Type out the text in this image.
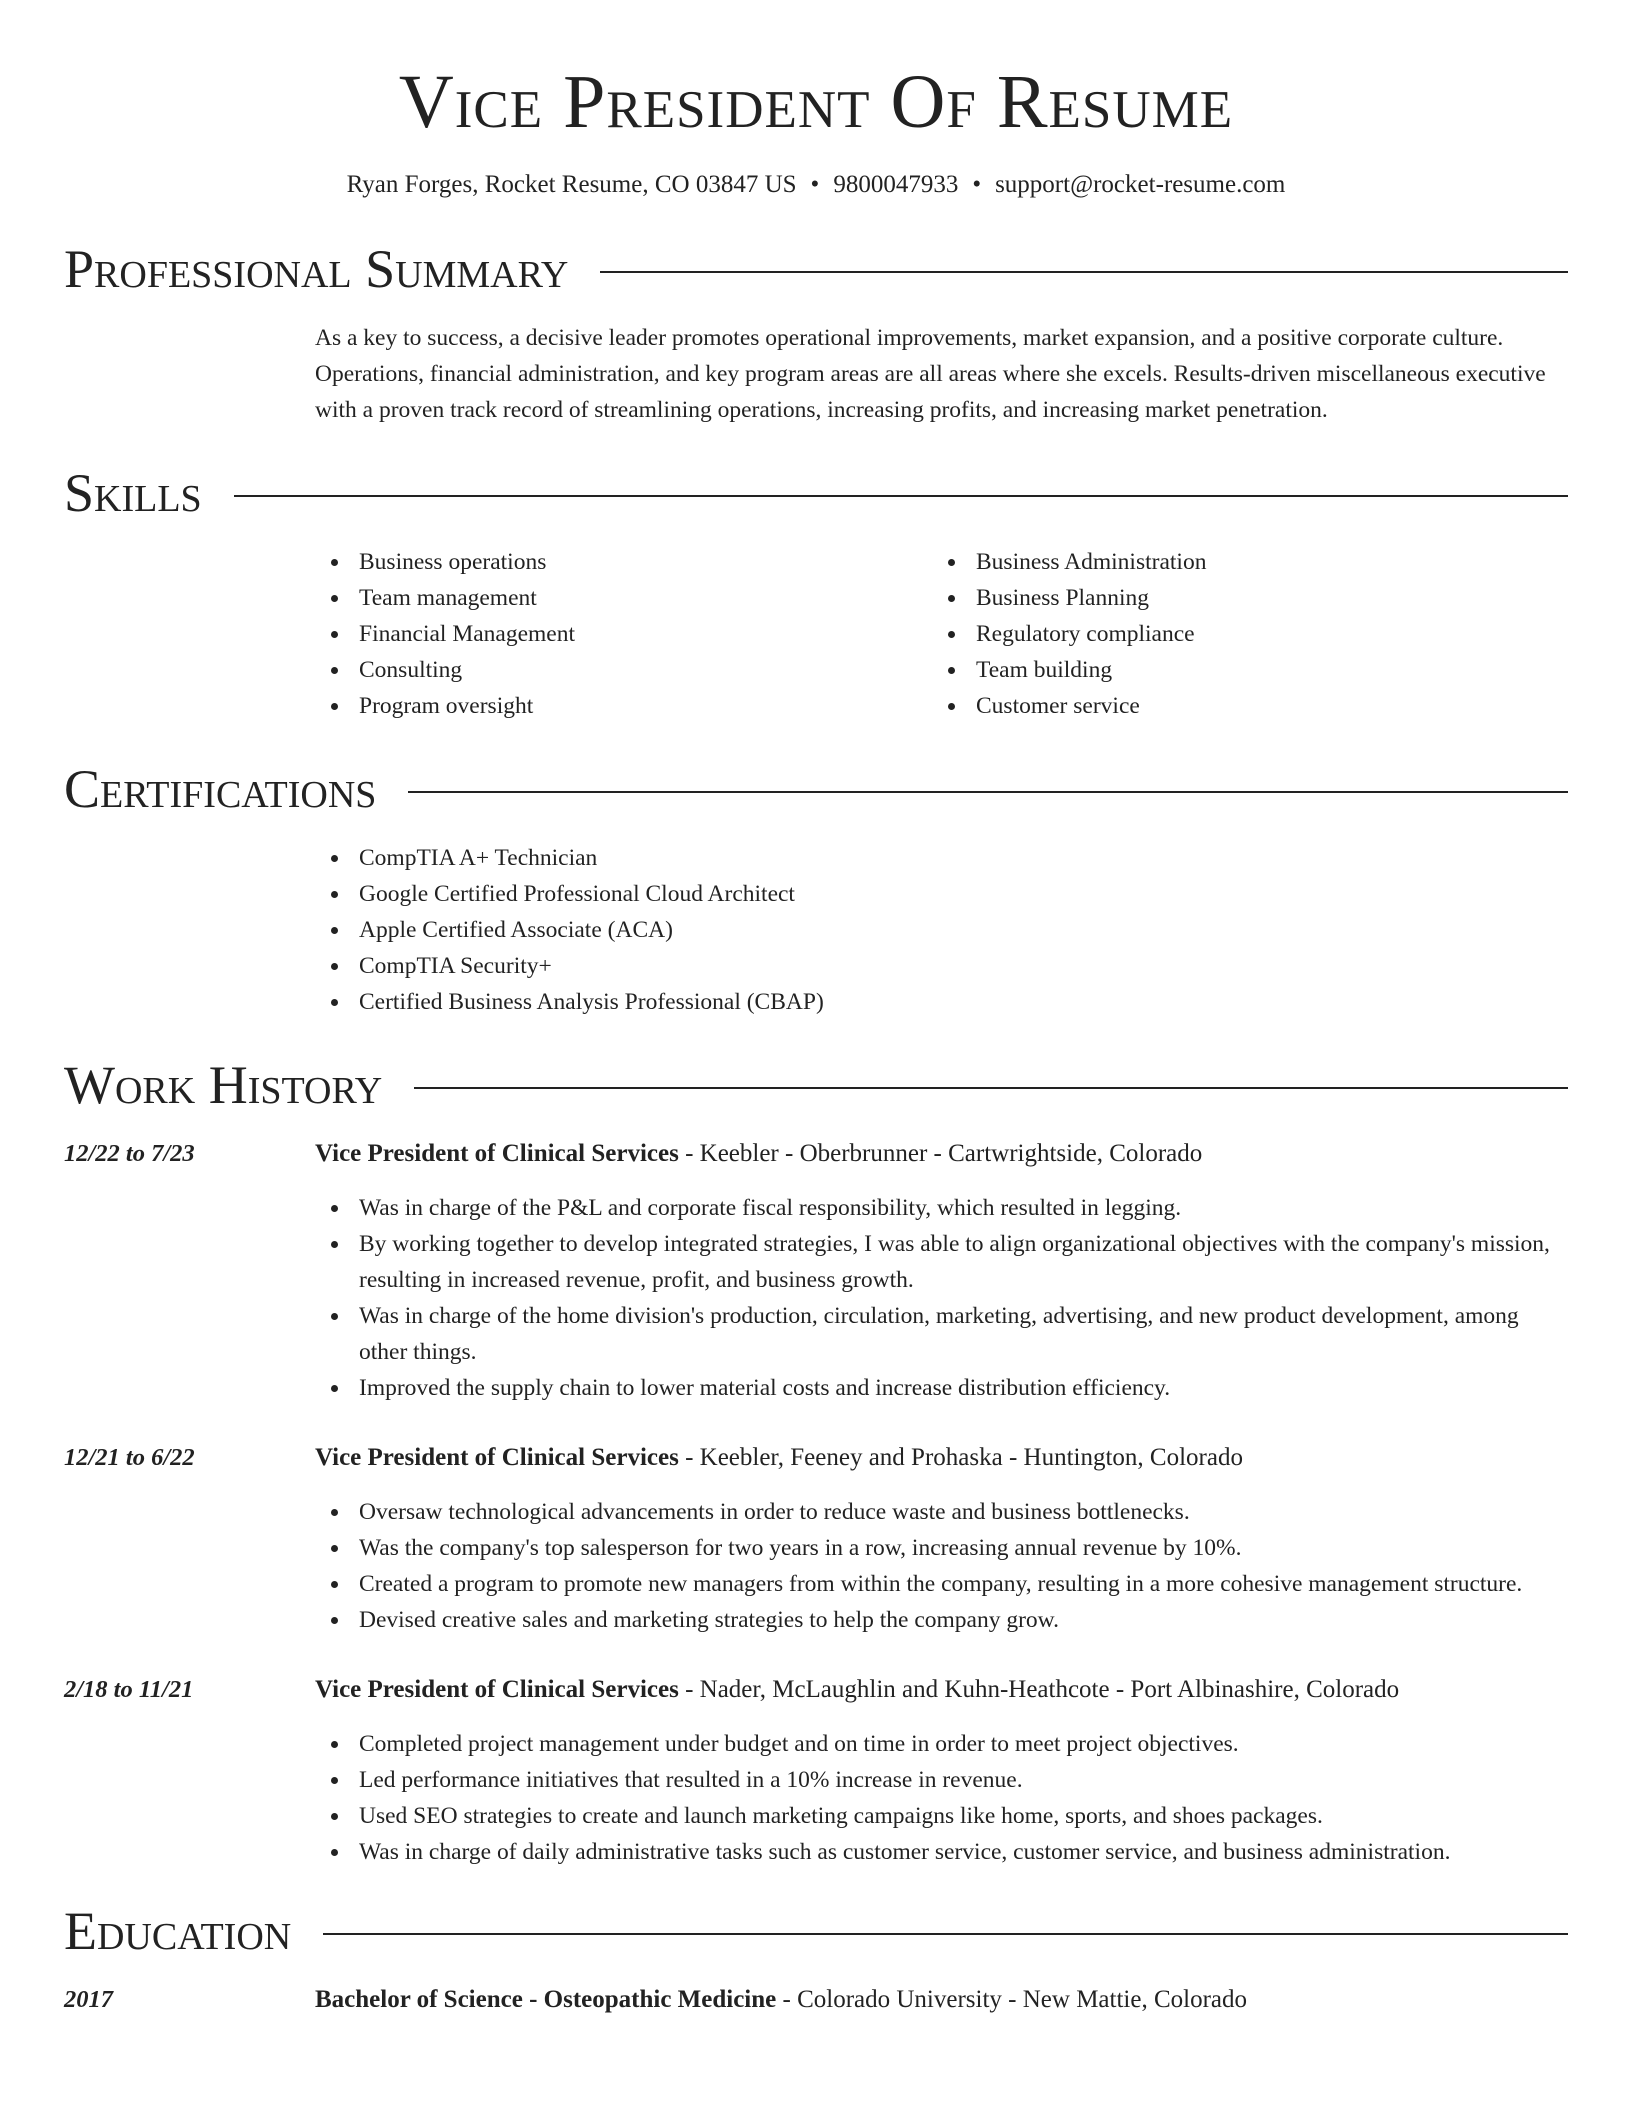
Vice President Of Resume
Ryan Forges, Rocket Resume, CO 03847 US • 9800047933 • support@rocket-resume.com
Professional Summary
As a key to success, a decisive leader promotes operational improvements, market expansion, and a positive corporate culture. Operations, financial administration, and key program areas are all areas where she excels. Results-driven miscellaneous executive with a proven track record of streamlining operations, increasing profits, and increasing market penetration.
Skills
Business operations
Team management
Financial Management
Consulting
Program oversight
Business Administration
Business Planning
Regulatory compliance
Team building
Customer service
Certifications
CompTIA A+ Technician
Google Certified Professional Cloud Architect
Apple Certified Associate (ACA)
CompTIA Security+
Certified Business Analysis Professional (CBAP)
Work History
12/22 to 7/23	Vice President of Clinical Services - Keebler - Oberbrunner - Cartwrightside, Colorado
Was in charge of the P&L and corporate fiscal responsibility, which resulted in legging.
By working together to develop integrated strategies, I was able to align organizational objectives with the company's mission, resulting in increased revenue, profit, and business growth.
Was in charge of the home division's production, circulation, marketing, advertising, and new product development, among other things.
Improved the supply chain to lower material costs and increase distribution efficiency.
12/21 to 6/22	Vice President of Clinical Services - Keebler, Feeney and Prohaska - Huntington, Colorado
Oversaw technological advancements in order to reduce waste and business bottlenecks.
Was the company's top salesperson for two years in a row, increasing annual revenue by 10%.
Created a program to promote new managers from within the company, resulting in a more cohesive management structure.
Devised creative sales and marketing strategies to help the company grow.
2/18 to 11/21	Vice President of Clinical Services - Nader, McLaughlin and Kuhn-Heathcote - Port Albinashire, Colorado
Completed project management under budget and on time in order to meet project objectives.
Led performance initiatives that resulted in a 10% increase in revenue.
Used SEO strategies to create and launch marketing campaigns like home, sports, and shoes packages.
Was in charge of daily administrative tasks such as customer service, customer service, and business administration.
Education
2017	Bachelor of Science - Osteopathic Medicine - Colorado University - New Mattie, Colorado
